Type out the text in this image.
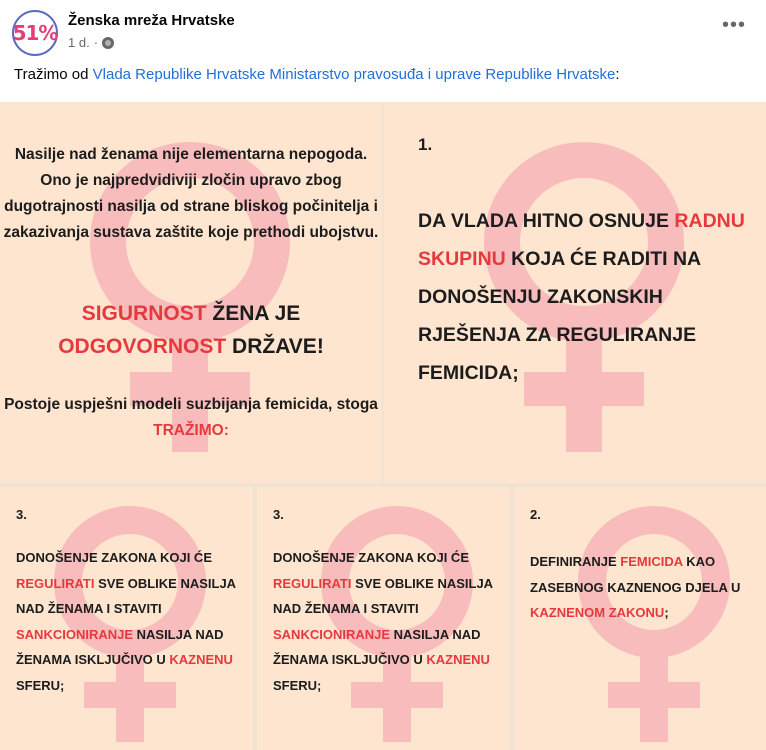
51%
Ženska mreža Hrvatske
1 d. ·
•••
Tražimo od Vlada Republike Hrvatske Ministarstvo pravosuđa i uprave Republike Hrvatske:
Nasilje nad ženama nije elementarna nepogoda. Ono je najpredvidiviji zločin upravo zbog dugotrajnosti nasilja od strane bliskog počinitelja i zakazivanja sustava zaštite koje prethodi ubojstvu.
SIGURNOST ŽENA JE
ODGOVORNOST DRŽAVE!
Postoje uspješni modeli suzbijanja femicida, stoga TRAŽIMO:
1.
DA VLADA HITNO OSNUJE RADNU SKUPINU KOJA ĆE RADITI NA DONOŠENJU ZAKONSKIH RJEŠENJA ZA REGULIRANJE FEMICIDA;
3.
DONOŠENJE ZAKONA KOJI ĆE REGULIRATI SVE OBLIKE NASILJA NAD ŽENAMA I STAVITI SANKCIONIRANJE NASILJA NAD ŽENAMA ISKLJUČIVO U KAZNENU SFERU;
3.
DONOŠENJE ZAKONA KOJI ĆE REGULIRATI SVE OBLIKE NASILJA NAD ŽENAMA I STAVITI SANKCIONIRANJE NASILJA NAD ŽENAMA ISKLJUČIVO U KAZNENU SFERU;
2.
DEFINIRANJE FEMICIDA KAO ZASEBNOG KAZNENOG DJELA U KAZNENOM ZAKONU;
